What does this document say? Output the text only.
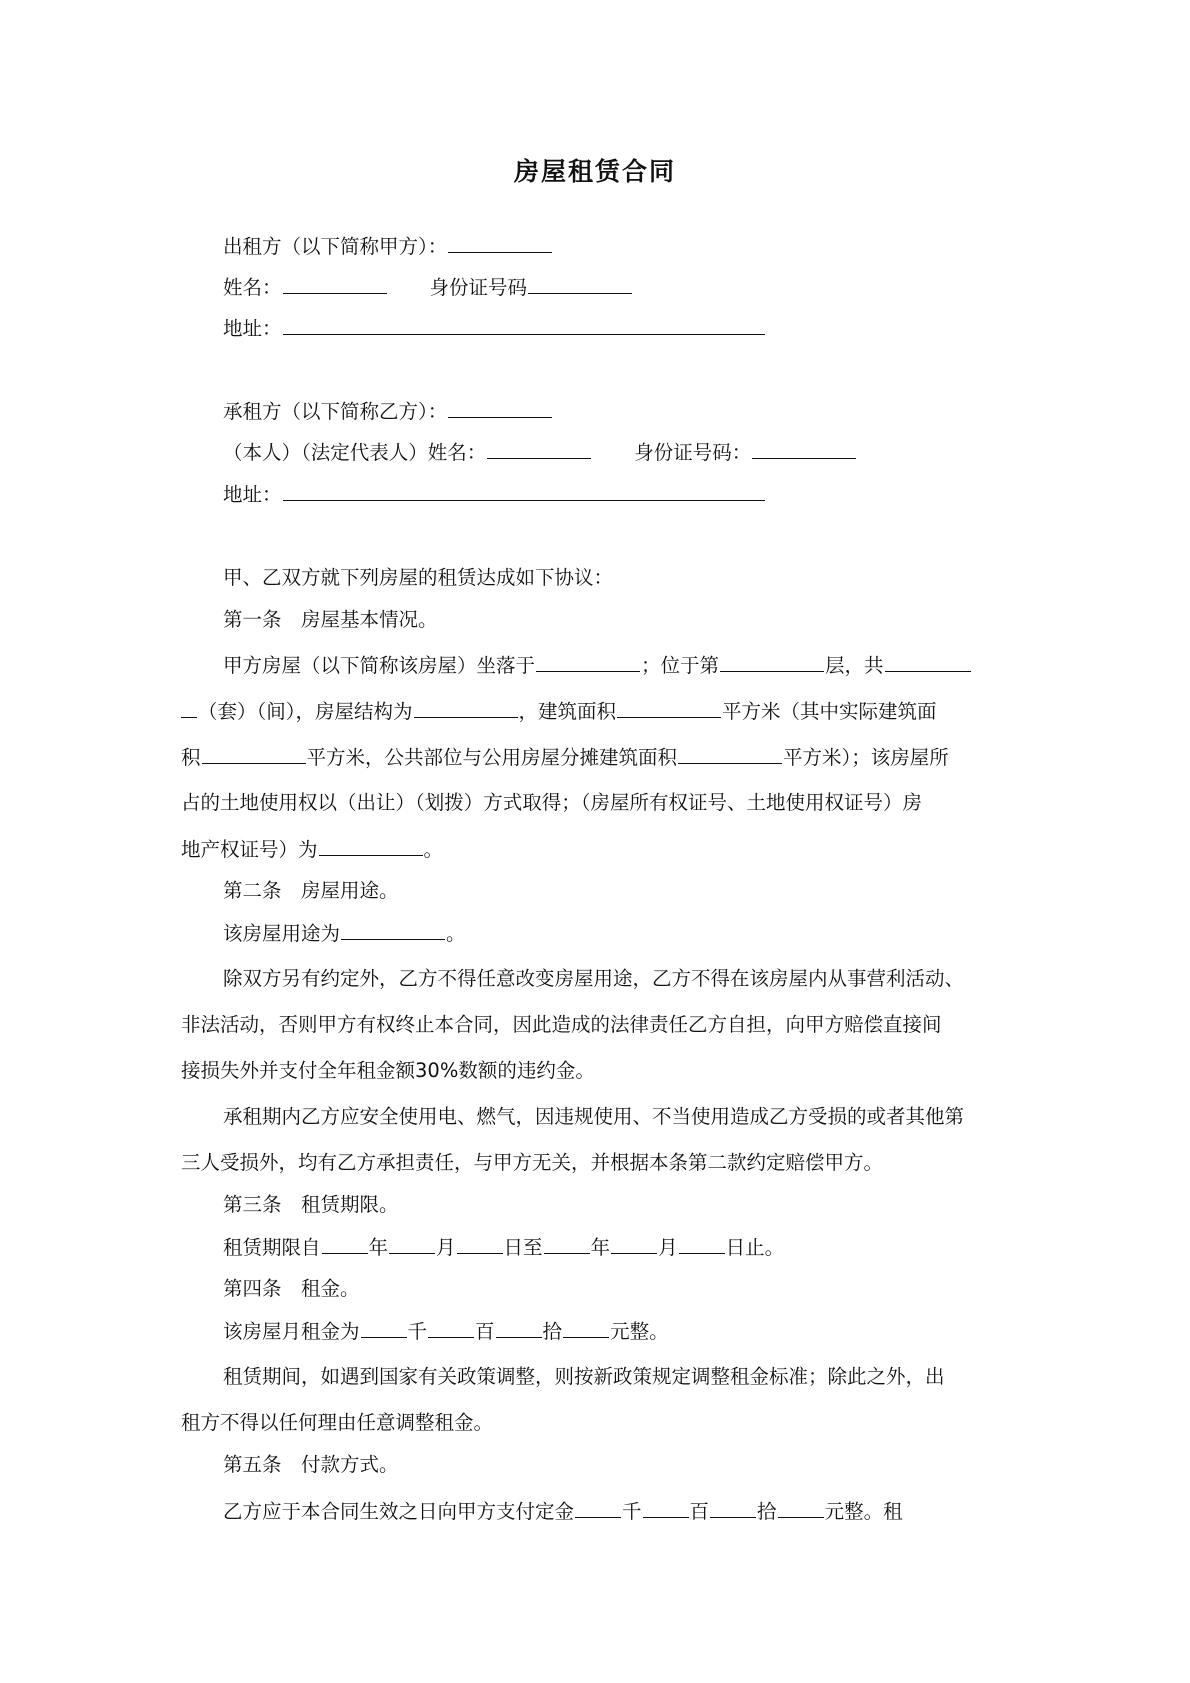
房屋租赁合同
出租方（以下简称甲方）：
姓名：	身份证号码
地址：
承租方（以下简称乙方）：
（本人）（法定代表人）姓名：	身份证号码：
地址：
甲、乙双方就下列房屋的租赁达成如下协议：
第一条　房屋基本情况。
甲方房屋（以下简称该房屋）坐落于	；位于第	层，共
（套）（间），房屋结构为	，建筑面积	平方米（其中实际建筑面
积	平方米，公共部位与公用房屋分摊建筑面积	平方米）；该房屋所
占的土地使用权以（出让）（划拨）方式取得；（房屋所有权证号、土地使用权证号）房
地产权证号）为	。
第二条　房屋用途。
该房屋用途为	。
除双方另有约定外，乙方不得任意改变房屋用途，乙方不得在该房屋内从事营利活动、
非法活动，否则甲方有权终止本合同，因此造成的法律责任乙方自担，向甲方赔偿直接间
接损失外并支付全年租金额30%数额的违约金。
承租期内乙方应安全使用电、燃气，因违规使用、不当使用造成乙方受损的或者其他第
三人受损外，均有乙方承担责任，与甲方无关，并根据本条第二款约定赔偿甲方。
第三条　租赁期限。
租赁期限自 年 月 日至 年 月 日止。
第四条　租金。
该房屋月租金为 千 百 拾 元整。
租赁期间，如遇到国家有关政策调整，则按新政策规定调整租金标准；除此之外，出
租方不得以任何理由任意调整租金。
第五条　付款方式。
乙方应于本合同生效之日向甲方支付定金 千 百 拾 元整。租
